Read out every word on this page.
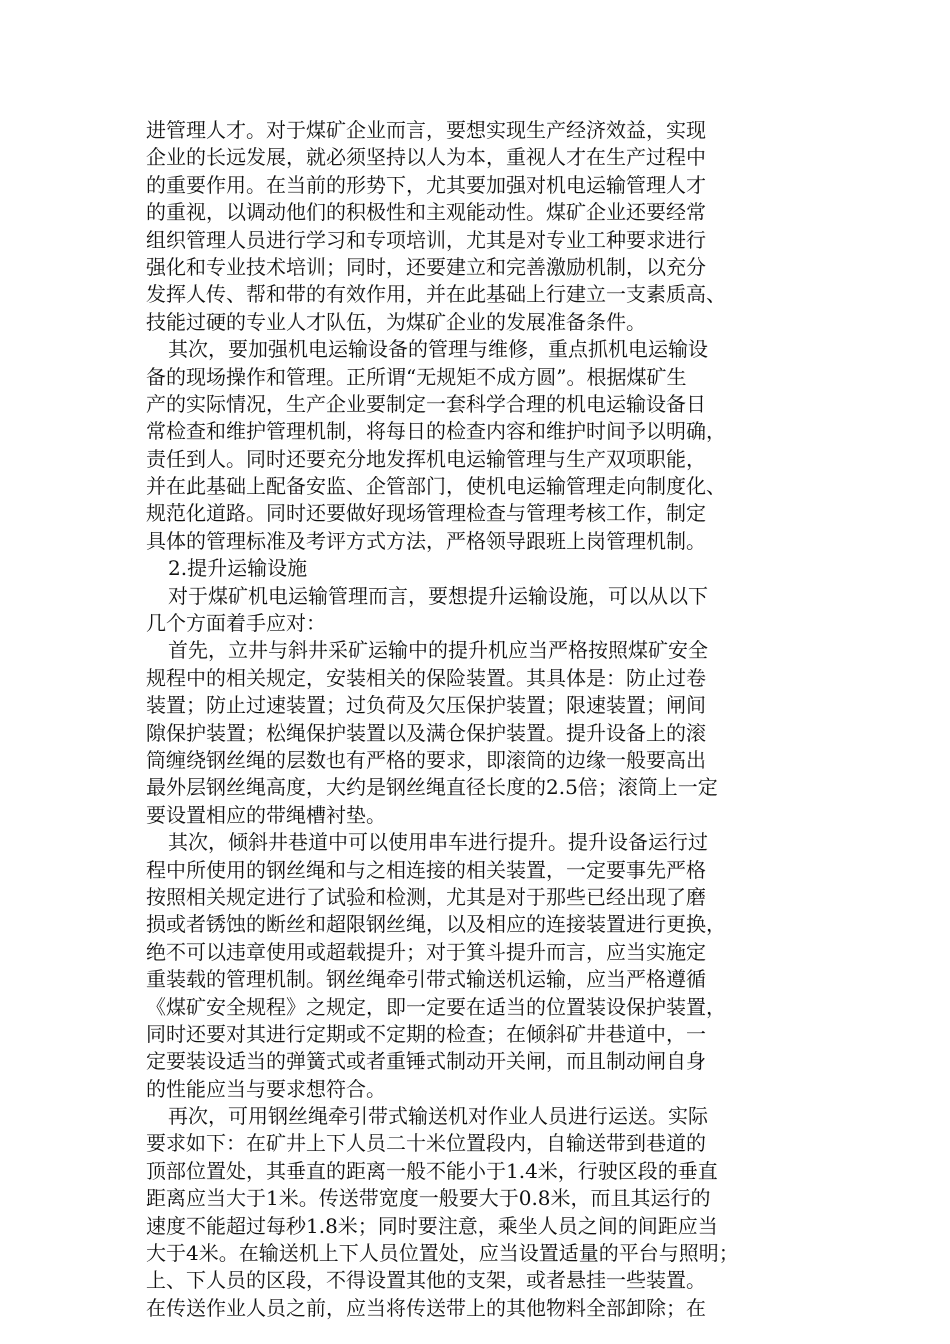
进管理人才。对于煤矿企业而言，要想实现生产经济效益，实现
企业的长远发展，就必须坚持以人为本，重视人才在生产过程中
的重要作用。在当前的形势下，尤其要加强对机电运输管理人才
的重视，以调动他们的积极性和主观能动性。煤矿企业还要经常
组织管理人员进行学习和专项培训，尤其是对专业工种要求进行
强化和专业技术培训；同时，还要建立和完善激励机制，以充分
发挥人传、帮和带的有效作用，并在此基础上行建立一支素质高、
技能过硬的专业人才队伍，为煤矿企业的发展准备条件。
其次，要加强机电运输设备的管理与维修，重点抓机电运输设
备的现场操作和管理。正所谓“无规矩不成方圆”。根据煤矿生
产的实际情况，生产企业要制定一套科学合理的机电运输设备日
常检查和维护管理机制，将每日的检查内容和维护时间予以明确，
责任到人。同时还要充分地发挥机电运输管理与生产双项职能，
并在此基础上配备安监、企管部门，使机电运输管理走向制度化、
规范化道路。同时还要做好现场管理检查与管理考核工作，制定
具体的管理标准及考评方式方法，严格领导跟班上岗管理机制。
2.提升运输设施
对于煤矿机电运输管理而言，要想提升运输设施，可以从以下
几个方面着手应对：
首先，立井与斜井采矿运输中的提升机应当严格按照煤矿安全
规程中的相关规定，安装相关的保险装置。其具体是：防止过卷
装置；防止过速装置；过负荷及欠压保护装置；限速装置；闸间
隙保护装置；松绳保护装置以及满仓保护装置。提升设备上的滚
筒缠绕钢丝绳的层数也有严格的要求，即滚筒的边缘一般要高出
最外层钢丝绳高度，大约是钢丝绳直径长度的2.5倍；滚筒上一定
要设置相应的带绳槽衬垫。
其次，倾斜井巷道中可以使用串车进行提升。提升设备运行过
程中所使用的钢丝绳和与之相连接的相关装置，一定要事先严格
按照相关规定进行了试验和检测，尤其是对于那些已经出现了磨
损或者锈蚀的断丝和超限钢丝绳，以及相应的连接装置进行更换，
绝不可以违章使用或超载提升；对于箕斗提升而言，应当实施定
重装载的管理机制。钢丝绳牵引带式输送机运输，应当严格遵循
《煤矿安全规程》之规定，即一定要在适当的位置装设保护装置，
同时还要对其进行定期或不定期的检查；在倾斜矿井巷道中，一
定要装设适当的弹簧式或者重锤式制动开关闸，而且制动闸自身
的性能应当与要求想符合。
再次，可用钢丝绳牵引带式输送机对作业人员进行运送。实际
要求如下：在矿井上下人员二十米位置段内，自输送带到巷道的
顶部位置处，其垂直的距离一般不能小于1.4米，行驶区段的垂直
距离应当大于1米。传送带宽度一般要大于0.8米，而且其运行的
速度不能超过每秒1.8米；同时要注意，乘坐人员之间的间距应当
大于4米。在输送机上下人员位置处，应当设置适量的平台与照明；
上、下人员的区段，不得设置其他的支架，或者悬挂一些装置。
在传送作业人员之前，应当将传送带上的其他物料全部卸除；在
